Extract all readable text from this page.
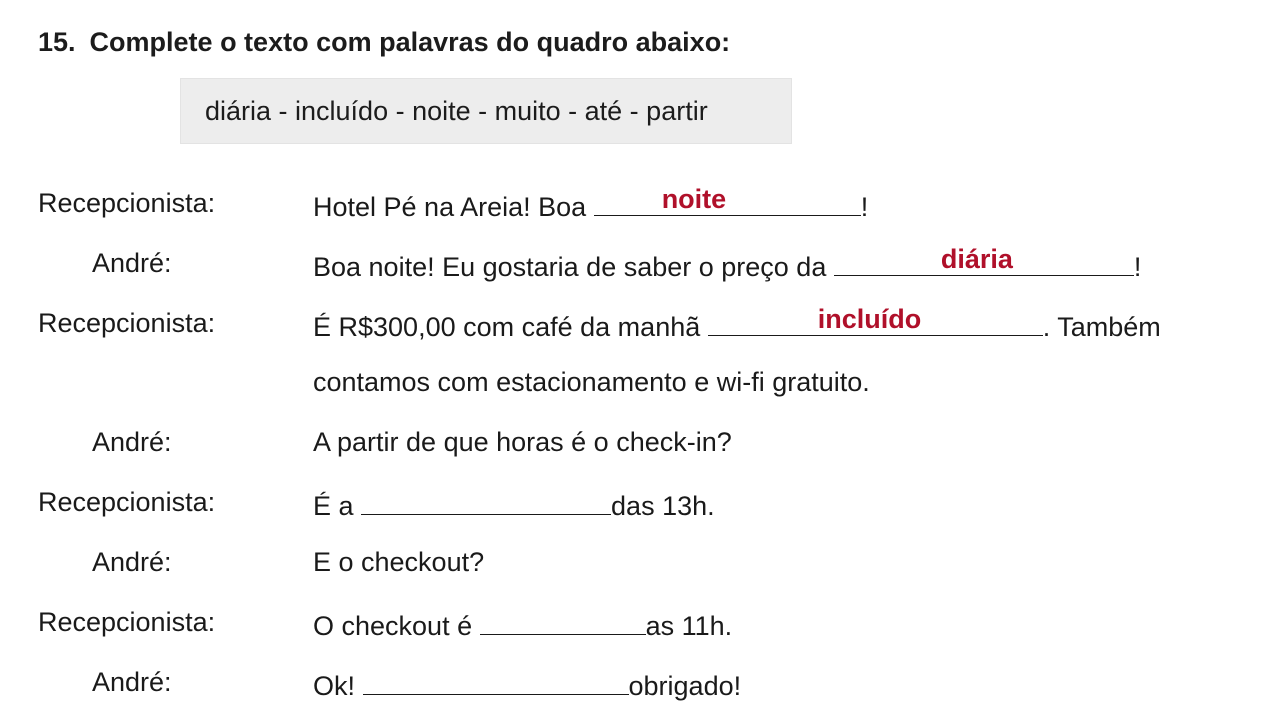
15. Complete o texto com palavras do quadro abaixo:
diária - incluído - noite - muito - até - partir
Recepcionista:	Hotel Pé na Areia! Boa	noite	!
André:	Boa noite! Eu gostaria de saber o preço da	diária	!
Recepcionista:	É R$300,00 com café da manhã	incluído	. Também
contamos com estacionamento e wi-fi gratuito.
André:	A partir de que horas é o check-in?
Recepcionista:	É a	das 13h.
André:	E o checkout?
Recepcionista:	O checkout é	as 11h.
André:	Ok!	obrigado!
